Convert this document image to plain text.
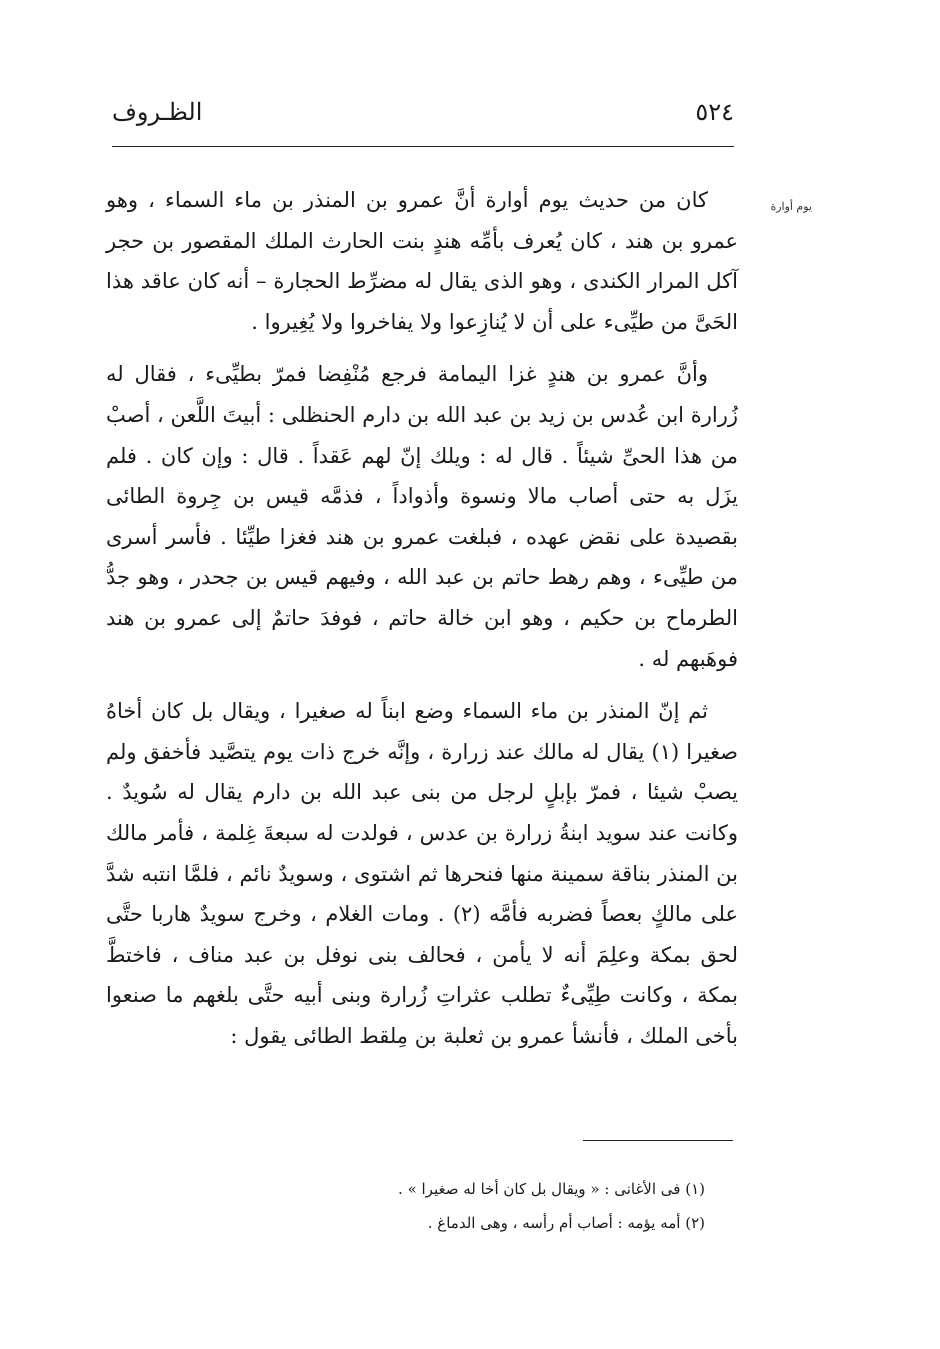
٥٢٤
الظـروف
يوم أوارة

كان من حديث يوم أوارة أنَّ عمرو بن المنذر بن ماء السماء ، وهو عمرو بن هند ، كان يُعرف بأمِّه هندٍ بنت الحارث الملك المقصور بن حجر آكل المرار الكندى ، وهو الذى يقال له مضرِّط الحجارة – أنه كان عاقد هذا الحَىَّ من طيِّىء على أن لا يُنازِعوا ولا يفاخروا ولا يُغِيروا .

وأنَّ عمرو بن هندٍ غزا اليمامة فرجع مُنْفِضا فمرّ بطيِّىء ، فقال له زُرارة ابن عُدس بن زيد بن عبد الله بن دارم الحنظلى : أبيتَ اللَّعن ، أصبْ من هذا الحىِّ شيئاً . قال له : ويلك إنّ لهم عَقداً . قال : وإن كان . فلم يزَل به حتى أصاب مالا ونسوة وأذواداً ، فذمَّه قيس بن جِروة الطائى بقصيدة على نقض عهده ، فبلغت عمرو بن هند فغزا طيِّئا . فأسر أسرى من طيِّىء ، وهم رهط حاتم بن عبد الله ، وفيهم قيس بن جحدر ، وهو جدُّ الطرماح بن حكيم ، وهو ابن خالة حاتم ، فوفدَ حاتمٌ إلى عمرو بن هند فوهَبهم له .

ثم إنّ المنذر بن ماء السماء وضع ابناً له صغيرا ، ويقال بل كان أخاهُ صغيرا (١) يقال له مالك عند زرارة ، وإنَّه خرج ذات يوم يتصَّيد فأخفق ولم يصبْ شيئا ، فمرّ بإبلٍ لرجل من بنى عبد الله بن دارم يقال له سُويدٌ . وكانت عند سويد ابنةُ زرارة بن عدس ، فولدت له سبعةَ غِلمة ، فأمر مالك بن المنذر بناقة سمينة منها فنحرها ثم اشتوى ، وسويدٌ نائم ، فلمَّا انتبه شدَّ على مالكٍ بعصاً فضربه فأمَّه (٢) . ومات الغلام ، وخرج سويدٌ هاربا حتَّى لحق بمكة وعلِمَ أنه لا يأمن ، فحالف بنى نوفل بن عبد مناف ، فاختطَّ بمكة ، وكانت طِيِّىءٌ تطلب عثراتِ زُرارة وبنى أبيه حتَّى بلغهم ما صنعوا بأخى الملك ، فأنشأ عمرو بن ثعلبة بن مِلقط الطائى يقول :

(١) فى الأغانى : « ويقال بل كان أخا له صغيرا » .

(٢) أمه يؤمه : أصاب أم رأسه ، وهى الدماغ .
